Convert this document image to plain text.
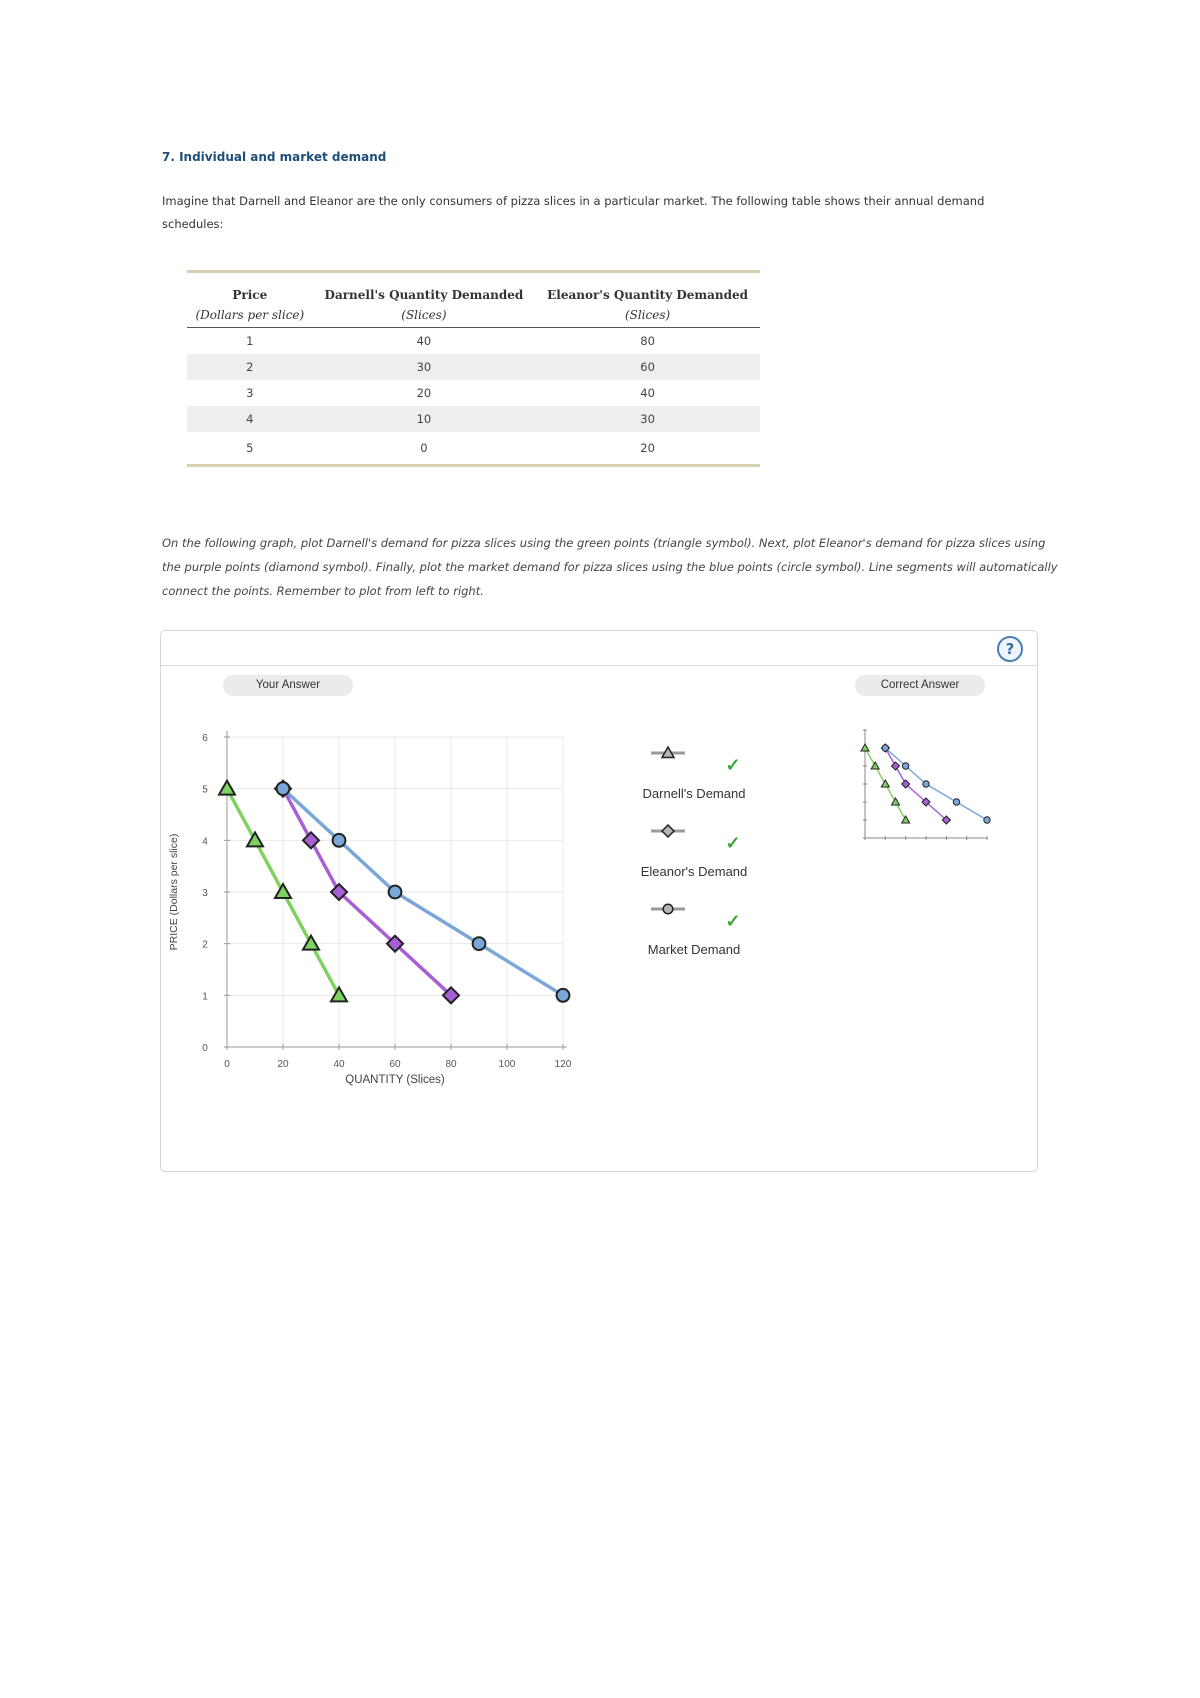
7. Individual and market demand
Imagine that Darnell and Eleanor are the only consumers of pizza slices in a particular market. The following table shows their annual demand schedules:
Price	Darnell's Quantity Demanded	Eleanor's Quantity Demanded
(Dollars per slice)	(Slices)	(Slices)
1	40	80
2	30	60
3	20	40
4	10	30
5	0	20
On the following graph, plot Darnell's demand for pizza slices using the green points (triangle symbol). Next, plot Eleanor's demand for pizza slices using the purple points (diamond symbol). Finally, plot the market demand for pizza slices using the blue points (circle symbol). Line segments will automatically connect the points. Remember to plot from left to right.
?
Your Answer	Correct Answer
0	20	40	60	80	100	120
0
1
2
3
4
5
6
QUANTITY (Slices)
PRICE (Dollars per slice)
✓
✓
✓
Darnell's Demand
Eleanor's Demand
Market Demand
